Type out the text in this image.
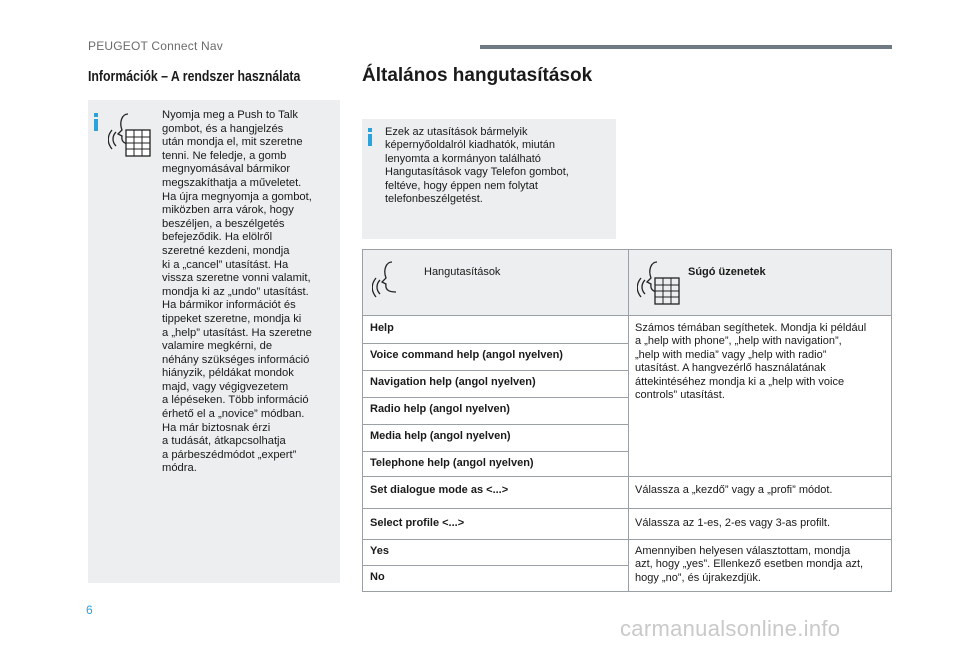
PEUGEOT Connect Nav
Információk – A rendszer használata	Általános hangutasítások
Nyomja meg a Push to Talk
gombot, és a hangjelzés
után mondja el, mit szeretne
tenni. Ne feledje, a gomb
megnyomásával bármikor
megszakíthatja a műveletet.
Ha újra megnyomja a gombot,
miközben arra várok, hogy
beszéljen, a beszélgetés
befejeződik. Ha elölről
szeretné kezdeni, mondja
ki a „cancel” utasítást. Ha
vissza szeretne vonni valamit,
mondja ki az „undo” utasítást.
Ha bármikor információt és
tippeket szeretne, mondja ki
a „help” utasítást. Ha szeretne
valamire megkérni, de
néhány szükséges információ
hiányzik, példákat mondok
majd, vagy végigvezetem
a lépéseken. Több információ
érhető el a „novice” módban.
Ha már biztosnak érzi
a tudását, átkapcsolhatja
a párbeszédmódot „expert”
módra.
Ezek az utasítások bármelyik
képernyőoldalról kiadhatók, miután
lenyomta a kormányon található
Hangutasítások vagy Telefon gombot,
feltéve, hogy éppen nem folytat
telefonbeszélgetést.
Hangutasítások	Súgó üzenetek
Help
Voice command help (angol nyelven)
Navigation help (angol nyelven)
Radio help (angol nyelven)
Media help (angol nyelven)
Telephone help (angol nyelven)
Számos témában segíthetek. Mondja ki például
a „help with phone”, „help with navigation”,
„help with media” vagy „help with radio”
utasítást. A hangvezérlő használatának
áttekintéséhez mondja ki a „help with voice
controls” utasítást.
Set dialogue mode as <...>	Válassza a „kezdő” vagy a „profi” módot.
Select profile <...>	Válassza az 1-es, 2-es vagy 3-as profilt.
Yes
No
Amennyiben helyesen választottam, mondja
azt, hogy „yes”. Ellenkező esetben mondja azt,
hogy „no”, és újrakezdjük.
6
carmanualsonline.info
